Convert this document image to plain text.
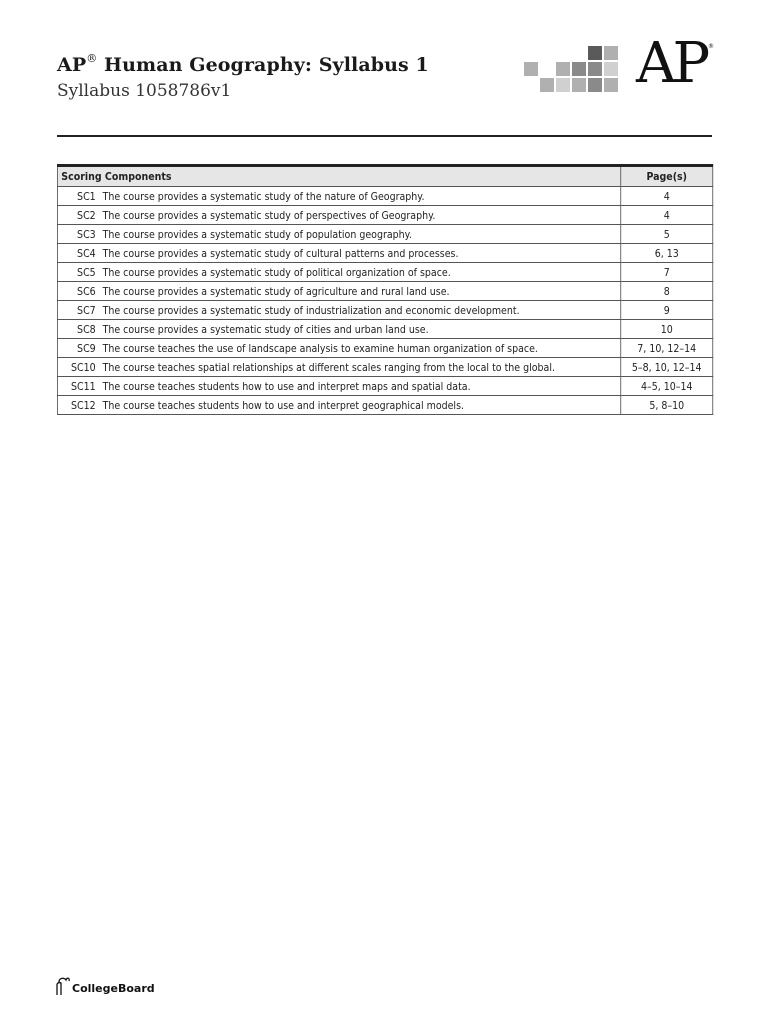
AP® Human Geography: Syllabus 1
Syllabus 1058786v1	AP ®
Scoring Components	Page(s)
SC1 The course provides a systematic study of the nature of Geography.	4
SC2 The course provides a systematic study of perspectives of Geography.	4
SC3 The course provides a systematic study of population geography.	5
SC4 The course provides a systematic study of cultural patterns and processes.	6, 13
SC5 The course provides a systematic study of political organization of space.	7
SC6 The course provides a systematic study of agriculture and rural land use.	8
SC7 The course provides a systematic study of industrialization and economic development.	9
SC8 The course provides a systematic study of cities and urban land use.	10
SC9 The course teaches the use of landscape analysis to examine human organization of space.	7, 10, 12–14
SC10 The course teaches spatial relationships at different scales ranging from the local to the global.	5–8, 10, 12–14
SC11 The course teaches students how to use and interpret maps and spatial data.	4–5, 10–14
SC12 The course teaches students how to use and interpret geographical models.	5, 8–10
CollegeBoard
